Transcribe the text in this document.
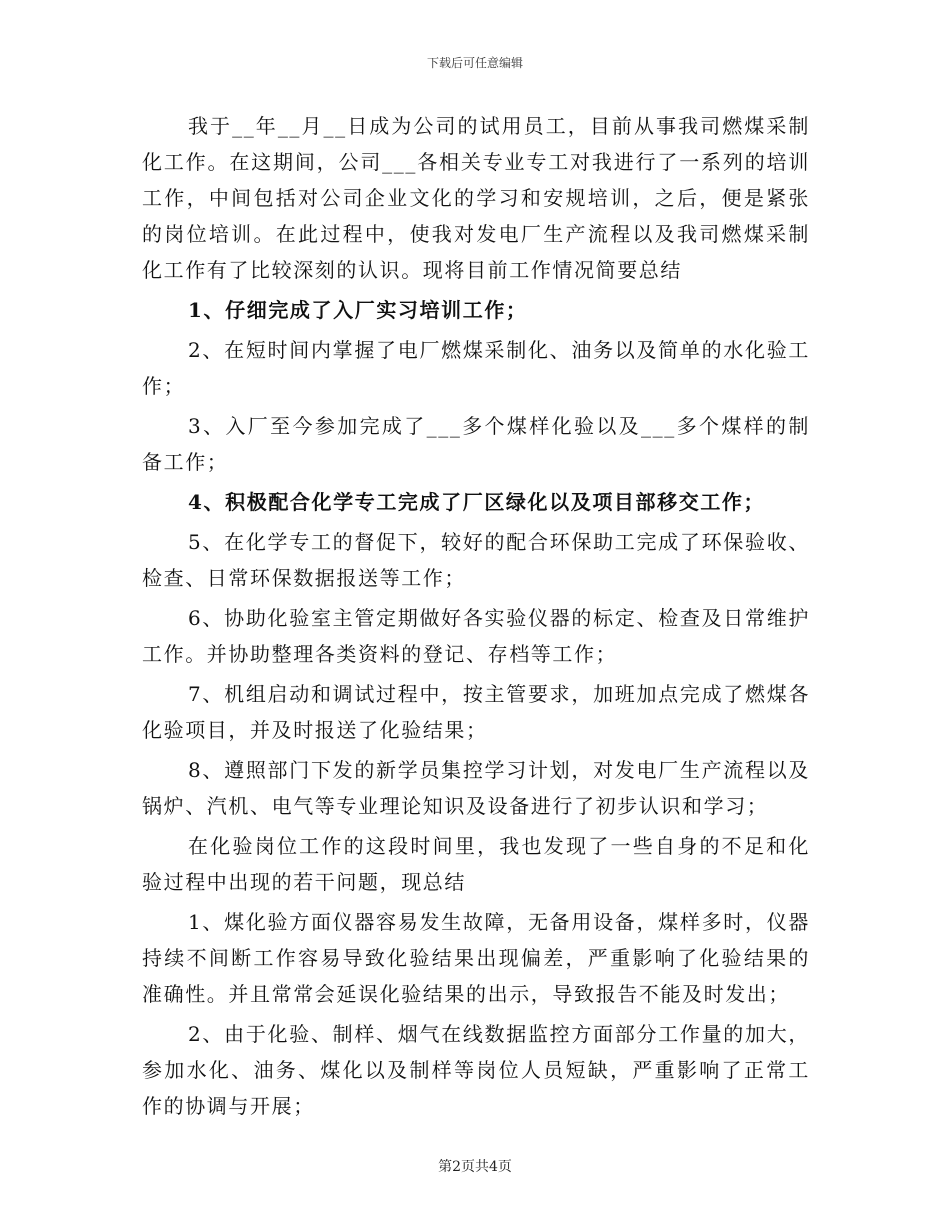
下载后可任意编辑

我于__年__月__日成为公司的试用员工，目前从事我司燃煤采制化工作。在这期间，公司___各相关专业专工对我进行了一系列的培训工作，中间包括对公司企业文化的学习和安规培训，之后，便是紧张的岗位培训。在此过程中，使我对发电厂生产流程以及我司燃煤采制化工作有了比较深刻的认识。现将目前工作情况简要总结

1、仔细完成了入厂实习培训工作；

2、在短时间内掌握了电厂燃煤采制化、油务以及简单的水化验工作；

3、入厂至今参加完成了___多个煤样化验以及___多个煤样的制备工作；

4、积极配合化学专工完成了厂区绿化以及项目部移交工作；

5、在化学专工的督促下，较好的配合环保助工完成了环保验收、检查、日常环保数据报送等工作；

6、协助化验室主管定期做好各实验仪器的标定、检查及日常维护工作。并协助整理各类资料的登记、存档等工作；

7、机组启动和调试过程中，按主管要求，加班加点完成了燃煤各化验项目，并及时报送了化验结果；

8、遵照部门下发的新学员集控学习计划，对发电厂生产流程以及锅炉、汽机、电气等专业理论知识及设备进行了初步认识和学习；

在化验岗位工作的这段时间里，我也发现了一些自身的不足和化验过程中出现的若干问题，现总结

1、煤化验方面仪器容易发生故障，无备用设备，煤样多时，仪器持续不间断工作容易导致化验结果出现偏差，严重影响了化验结果的准确性。并且常常会延误化验结果的出示，导致报告不能及时发出；

2、由于化验、制样、烟气在线数据监控方面部分工作量的加大，参加水化、油务、煤化以及制样等岗位人员短缺，严重影响了正常工作的协调与开展；

第2页共4页
